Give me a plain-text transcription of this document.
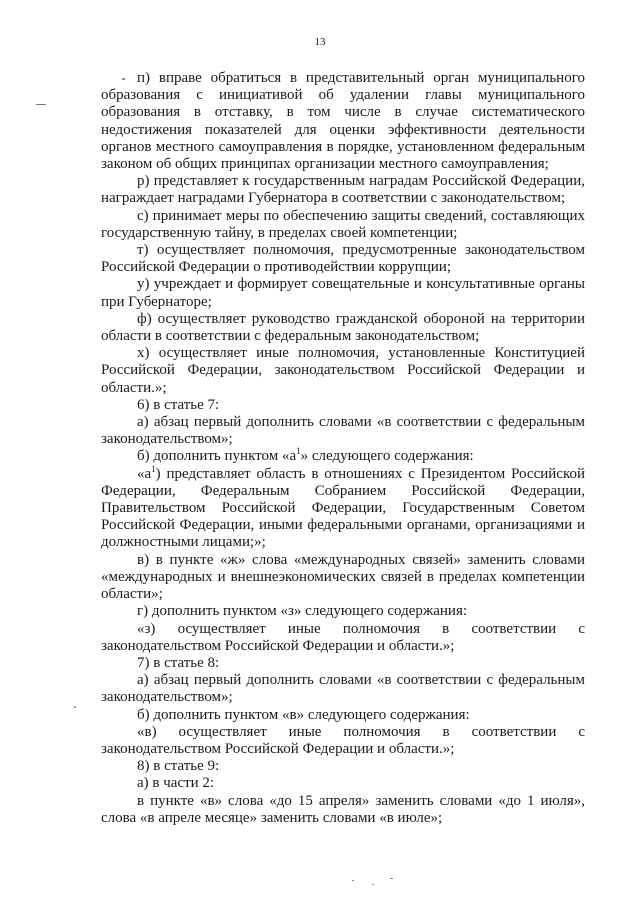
13

п) вправе обратиться в представительный орган муниципального образования с инициативой об удалении главы муниципального образования в отставку, в том числе в случае систематического недостижения показателей для оценки эффективности деятельности органов местного самоуправления в порядке, установленном федеральным законом об общих принципах организации местного самоуправления;

р) представляет к государственным наградам Российской Федерации, награждает наградами Губернатора в соответствии с законодательством;

с) принимает меры по обеспечению защиты сведений, составляющих государственную тайну, в пределах своей компетенции;

т) осуществляет полномочия, предусмотренные законодательством Российской Федерации о противодействии коррупции;

у) учреждает и формирует совещательные и консультативные органы при Губернаторе;

ф) осуществляет руководство гражданской обороной на территории области в соответствии с федеральным законодательством;

х) осуществляет иные полномочия, установленные Конституцией Российской Федерации, законодательством Российской Федерации и области.»;

6) в статье 7:

а) абзац первый дополнить словами «в соответствии с федеральным законодательством»;

б) дополнить пунктом «$а^1$» следующего содержания:

«$а^1$) представляет область в отношениях с Президентом Российской Федерации, Федеральным Собранием Российской Федерации, Правительством Российской Федерации, Государственным Советом Российской Федерации, иными федеральными органами, организациями и должностными лицами;»;

в) в пункте «ж» слова «международных связей» заменить словами «международных и внешнеэкономических связей в пределах компетенции области»;

г) дополнить пунктом «з» следующего содержания:

«з) осуществляет иные полномочия в соответствии с законодательством Российской Федерации и области.»;

7) в статье 8:

а) абзац первый дополнить словами «в соответствии с федеральным законодательством»;

б) дополнить пунктом «в» следующего содержания:

«в) осуществляет иные полномочия в соответствии с законодательством Российской Федерации и области.»;

8) в статье 9:

а) в части 2:

в пункте «в» слова «до 15 апреля» заменить словами «до 1 июля», слова «в апреле месяце» заменить словами «в июле»;
